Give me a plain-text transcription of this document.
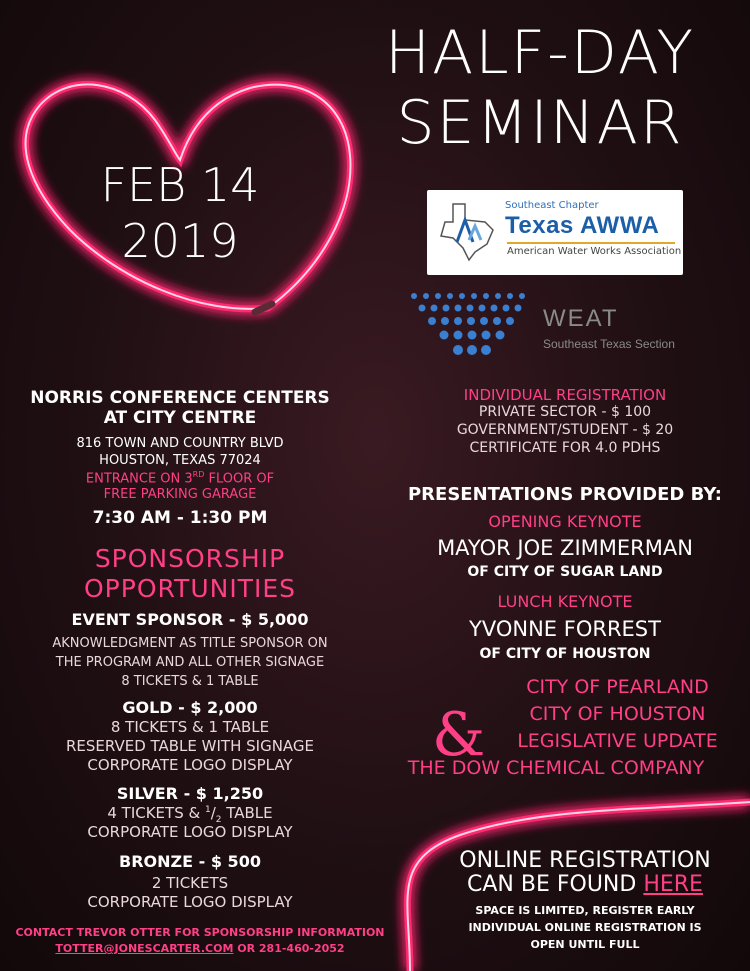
HALF-DAY
SEMINAR
FEB 14
2019
Southeast Chapter
Texas AWWA
American Water Works Association
WEAT
Southeast Texas Section
NORRIS CONFERENCE CENTERS
AT CITY CENTRE
816 TOWN AND COUNTRY BLVD
HOUSTON, TEXAS 77024
ENTRANCE ON 3RD FLOOR OF
FREE PARKING GARAGE
7:30 AM - 1:30 PM
INDIVIDUAL REGISTRATION
PRIVATE SECTOR - $ 100
GOVERNMENT/STUDENT - $ 20
CERTIFICATE FOR 4.0 PDHS
PRESENTATIONS PROVIDED BY:
OPENING KEYNOTE
MAYOR JOE ZIMMERMAN
OF CITY OF SUGAR LAND
LUNCH KEYNOTE
YVONNE FORREST
OF CITY OF HOUSTON
&
CITY OF PEARLAND
CITY OF HOUSTON
LEGISLATIVE UPDATE
THE DOW CHEMICAL COMPANY
SPONSORSHIP
OPPORTUNITIES
EVENT SPONSOR - $ 5,000
AKNOWLEDGMENT AS TITLE SPONSOR ON
THE PROGRAM AND ALL OTHER SIGNAGE
8 TICKETS & 1 TABLE
GOLD - $ 2,000
8 TICKETS & 1 TABLE
RESERVED TABLE WITH SIGNAGE
CORPORATE LOGO DISPLAY
SILVER - $ 1,250
4 TICKETS & $^1/_2$ TABLE
CORPORATE LOGO DISPLAY
BRONZE - $ 500
2 TICKETS
CORPORATE LOGO DISPLAY
CONTACT TREVOR OTTER FOR SPONSORSHIP INFORMATION
TOTTER@JONESCARTER.COM OR 281-460-2052
ONLINE REGISTRATION
CAN BE FOUND HERE
SPACE IS LIMITED, REGISTER EARLY
INDIVIDUAL ONLINE REGISTRATION IS
OPEN UNTIL FULL
